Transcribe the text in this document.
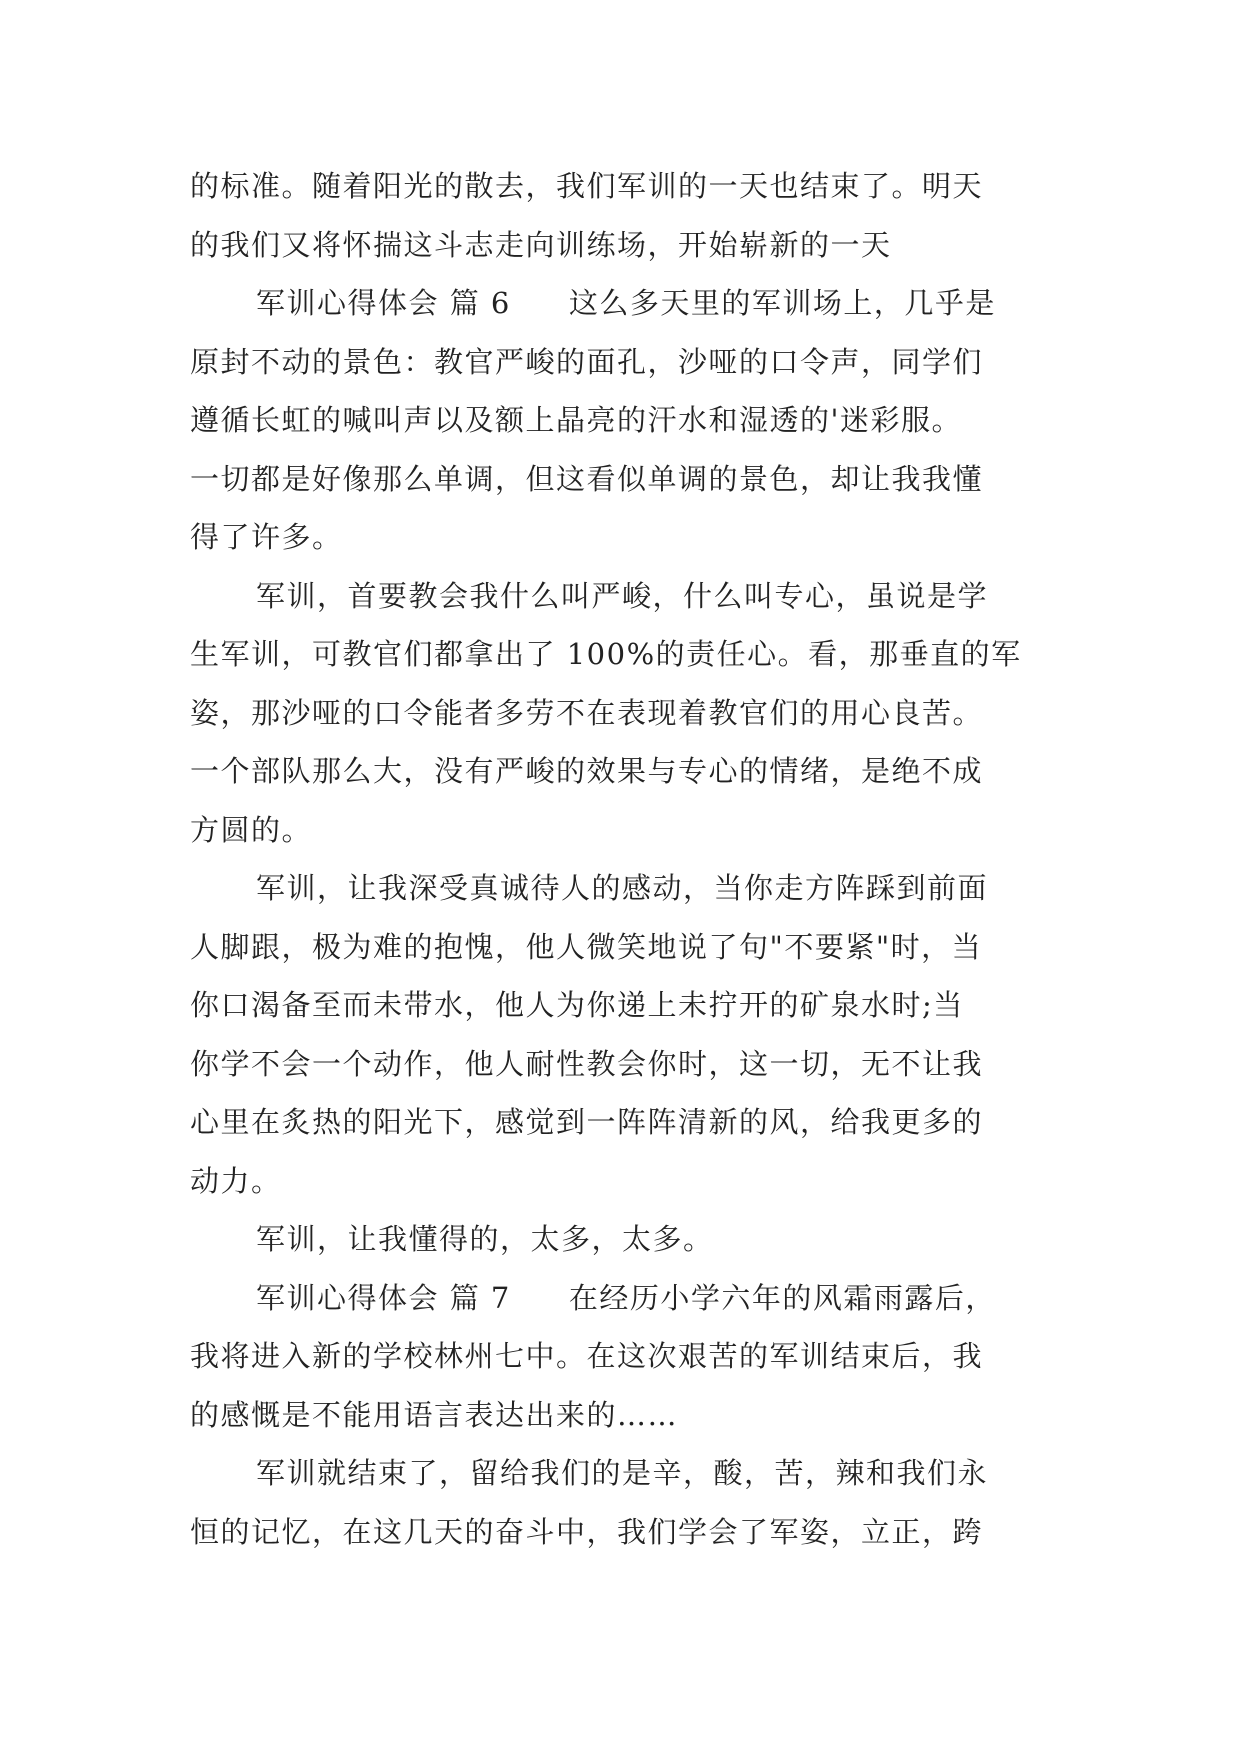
的标准。随着阳光的散去，我们军训的一天也结束了。明天
的我们又将怀揣这斗志走向训练场，开始崭新的一天
军训心得体会 篇 6 这么多天里的军训场上，几乎是
原封不动的景色：教官严峻的面孔，沙哑的口令声，同学们
遵循长虹的喊叫声以及额上晶亮的汗水和湿透的'迷彩服。
一切都是好像那么单调，但这看似单调的景色，却让我我懂
得了许多。
军训，首要教会我什么叫严峻，什么叫专心，虽说是学
生军训，可教官们都拿出了 100%的责任心。看，那垂直的军
姿，那沙哑的口令能者多劳不在表现着教官们的用心良苦。
一个部队那么大，没有严峻的效果与专心的情绪，是绝不成
方圆的。
军训，让我深受真诚待人的感动，当你走方阵踩到前面
人脚跟，极为难的抱愧，他人微笑地说了句"不要紧"时，当
你口渴备至而未带水，他人为你递上未拧开的矿泉水时;当
你学不会一个动作，他人耐性教会你时，这一切，无不让我
心里在炙热的阳光下，感觉到一阵阵清新的风，给我更多的
动力。
军训，让我懂得的，太多，太多。
军训心得体会 篇 7 在经历小学六年的风霜雨露后，
我将进入新的学校林州七中。在这次艰苦的军训结束后，我
的感慨是不能用语言表达出来的……
军训就结束了，留给我们的是辛，酸，苦，辣和我们永
恒的记忆，在这几天的奋斗中，我们学会了军姿，立正，跨
